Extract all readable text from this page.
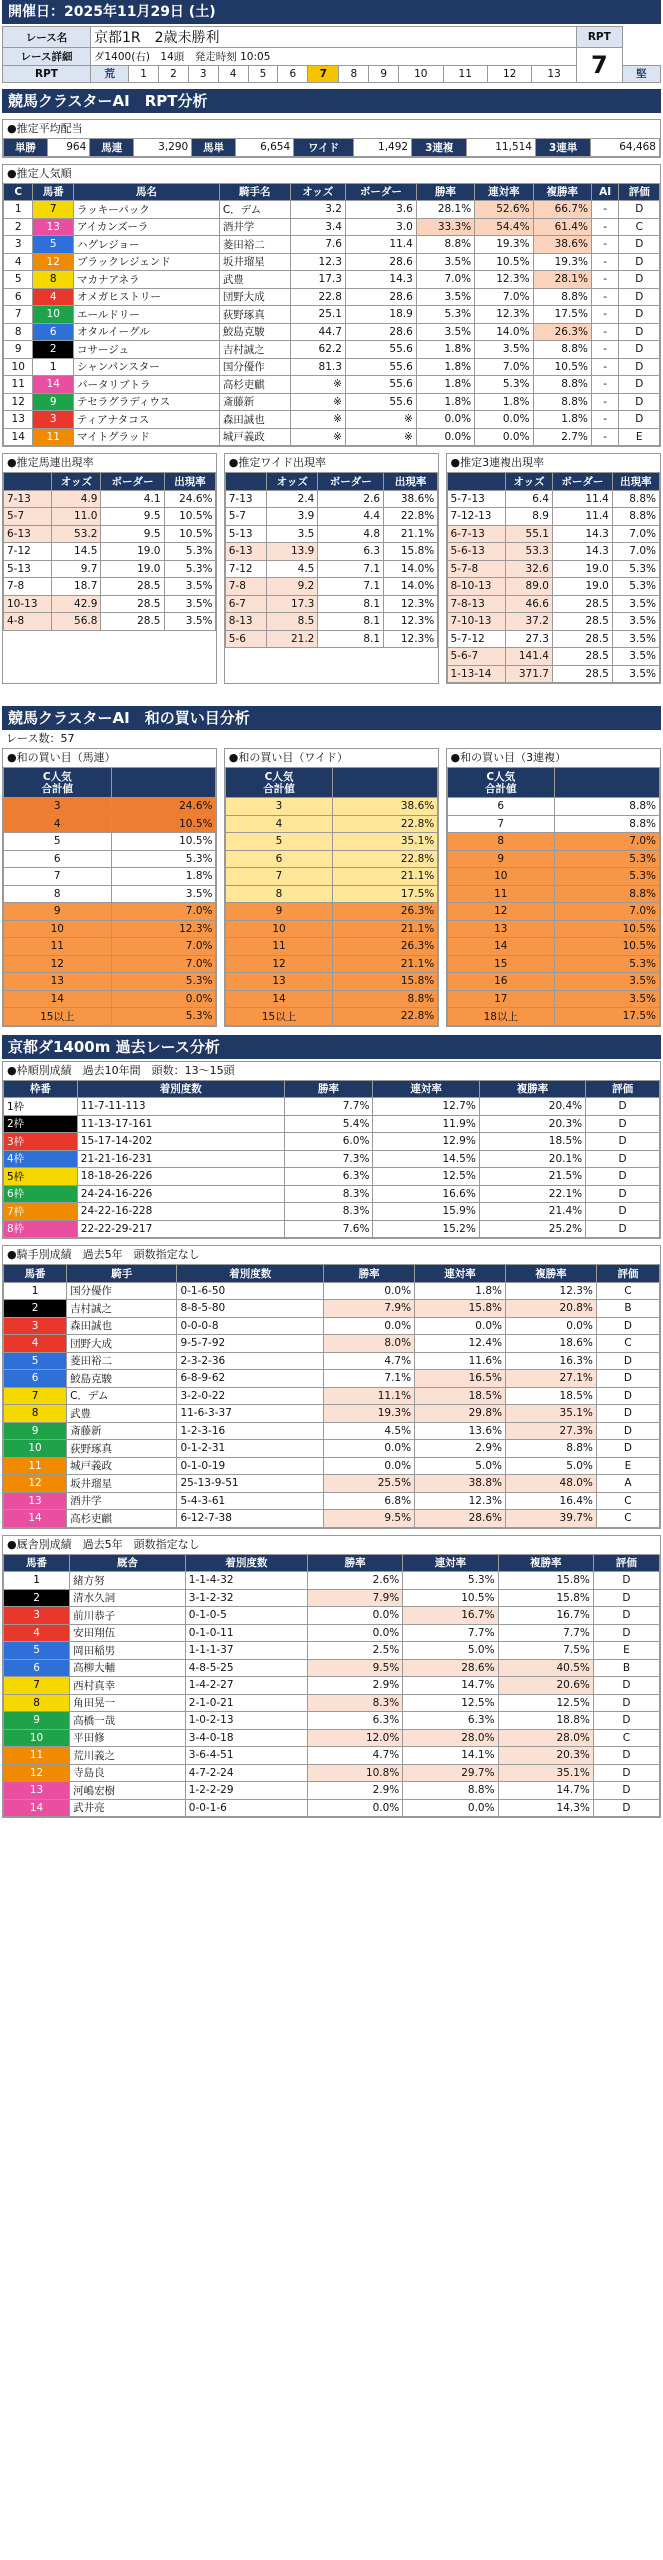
開催日：2025年11月29日 (土)
レース名	京都1R　2歳未勝利														RPT	
レース詳細	ダ1400(右)　14頭　発走時刻 10:05														7	
RPT	荒	1	2	3	4	5	6	7	8	9	10	11	12	13		堅
競馬クラスターAI　RPT分析
●推定平均配当
単勝	964	馬連	3,290	馬単	6,654	ワイド	1,492	3連複	11,514	3連単	64,468
●推定人気順
C	馬番	馬名	騎手名	オッズ	ボーダー	勝率	連対率	複勝率	AI	評価
1	7	ラッキーパック	C．デム	3.2	3.6	28.1%	52.6%	66.7%	-	D
2	13	アイカンズーラ	酒井学	3.4	3.0	33.3%	54.4%	61.4%	-	C
3	5	ハグレジョー	菱田裕二	7.6	11.4	8.8%	19.3%	38.6%	-	D
4	12	ブラックレジェンド	坂井瑠星	12.3	28.6	3.5%	10.5%	19.3%	-	D
5	8	マカナアネラ	武豊	17.3	14.3	7.0%	12.3%	28.1%	-	D
6	4	オメガヒストリー	団野大成	22.8	28.6	3.5%	7.0%	8.8%	-	D
7	10	エールドリー	荻野琢真	25.1	18.9	5.3%	12.3%	17.5%	-	D
8	6	オタルイーグル	鮫島克駿	44.7	28.6	3.5%	14.0%	26.3%	-	D
9	2	コサージュ	吉村誠之	62.2	55.6	1.8%	3.5%	8.8%	-	D
10	1	シャンパンスター	国分優作	81.3	55.6	1.8%	7.0%	10.5%	-	D
11	14	パータリブトラ	高杉吏麒	※	55.6	1.8%	5.3%	8.8%	-	D
12	9	テセラグラディウス	斎藤新	※	55.6	1.8%	1.8%	8.8%	-	D
13	3	ティアナタコス	森田誠也	※	※	0.0%	0.0%	1.8%	-	D
14	11	マイトグラッド	城戸義政	※	※	0.0%	0.0%	2.7%	-	E
●推定馬連出現率
	オッズ	ボーダー	出現率
7-13	4.9	4.1	24.6%
5-7	11.0	9.5	10.5%
6-13	53.2	9.5	10.5%
7-12	14.5	19.0	5.3%
5-13	9.7	19.0	5.3%
7-8	18.7	28.5	3.5%
10-13	42.9	28.5	3.5%
4-8	56.8	28.5	3.5%
●推定ワイド出現率
	オッズ	ボーダー	出現率
7-13	2.4	2.6	38.6%
5-7	3.9	4.4	22.8%
5-13	3.5	4.8	21.1%
6-13	13.9	6.3	15.8%
7-12	4.5	7.1	14.0%
7-8	9.2	7.1	14.0%
6-7	17.3	8.1	12.3%
8-13	8.5	8.1	12.3%
5-6	21.2	8.1	12.3%
●推定3連複出現率
	オッズ	ボーダー	出現率
5-7-13	6.4	11.4	8.8%
7-12-13	8.9	11.4	8.8%
6-7-13	55.1	14.3	7.0%
5-6-13	53.3	14.3	7.0%
5-7-8	32.6	19.0	5.3%
8-10-13	89.0	19.0	5.3%
7-8-13	46.6	28.5	3.5%
7-10-13	37.2	28.5	3.5%
5-7-12	27.3	28.5	3.5%
5-6-7	141.4	28.5	3.5%
1-13-14	371.7	28.5	3.5%
競馬クラスターAI　和の買い目分析
レース数：57
●和の買い目（馬連）
C人気
合計値	
3	24.6%
4	10.5%
5	10.5%
6	5.3%
7	1.8%
8	3.5%
9	7.0%
10	12.3%
11	7.0%
12	7.0%
13	5.3%
14	0.0%
15以上	5.3%
●和の買い目（ワイド）
C人気
合計値	
3	38.6%
4	22.8%
5	35.1%
6	22.8%
7	21.1%
8	17.5%
9	26.3%
10	21.1%
11	26.3%
12	21.1%
13	15.8%
14	8.8%
15以上	22.8%
●和の買い目（3連複）
C人気
合計値	
6	8.8%
7	8.8%
8	7.0%
9	5.3%
10	5.3%
11	8.8%
12	7.0%
13	10.5%
14	10.5%
15	5.3%
16	3.5%
17	3.5%
18以上	17.5%
京都ダ1400m 過去レース分析
●枠順別成績　過去10年間　頭数：13～15頭
枠番	着別度数	勝率	連対率	複勝率	評価
1枠	11-7-11-113	7.7%	12.7%	20.4%	D
2枠	11-13-17-161	5.4%	11.9%	20.3%	D
3枠	15-17-14-202	6.0%	12.9%	18.5%	D
4枠	21-21-16-231	7.3%	14.5%	20.1%	D
5枠	18-18-26-226	6.3%	12.5%	21.5%	D
6枠	24-24-16-226	8.3%	16.6%	22.1%	D
7枠	24-22-16-228	8.3%	15.9%	21.4%	D
8枠	22-22-29-217	7.6%	15.2%	25.2%	D
●騎手別成績　過去5年　頭数指定なし
馬番	騎手	着別度数	勝率	連対率	複勝率	評価
1	国分優作	0-1-6-50	0.0%	1.8%	12.3%	C
2	吉村誠之	8-8-5-80	7.9%	15.8%	20.8%	B
3	森田誠也	0-0-0-8	0.0%	0.0%	0.0%	D
4	団野大成	9-5-7-92	8.0%	12.4%	18.6%	C
5	菱田裕二	2-3-2-36	4.7%	11.6%	16.3%	D
6	鮫島克駿	6-8-9-62	7.1%	16.5%	27.1%	D
7	C．デム	3-2-0-22	11.1%	18.5%	18.5%	D
8	武豊	11-6-3-37	19.3%	29.8%	35.1%	D
9	斎藤新	1-2-3-16	4.5%	13.6%	27.3%	D
10	荻野琢真	0-1-2-31	0.0%	2.9%	8.8%	D
11	城戸義政	0-1-0-19	0.0%	5.0%	5.0%	E
12	坂井瑠星	25-13-9-51	25.5%	38.8%	48.0%	A
13	酒井学	5-4-3-61	6.8%	12.3%	16.4%	C
14	高杉吏麒	6-12-7-38	9.5%	28.6%	39.7%	C
●厩舎別成績　過去5年　頭数指定なし
馬番	厩舎	着別度数	勝率	連対率	複勝率	評価
1	緒方努	1-1-4-32	2.6%	5.3%	15.8%	D
2	清水久詞	3-1-2-32	7.9%	10.5%	15.8%	D
3	前川恭子	0-1-0-5	0.0%	16.7%	16.7%	D
4	安田翔伍	0-1-0-11	0.0%	7.7%	7.7%	D
5	岡田稲男	1-1-1-37	2.5%	5.0%	7.5%	E
6	高柳大輔	4-8-5-25	9.5%	28.6%	40.5%	B
7	西村真幸	1-4-2-27	2.9%	14.7%	20.6%	D
8	角田晃一	2-1-0-21	8.3%	12.5%	12.5%	D
9	高橋一哉	1-0-2-13	6.3%	6.3%	18.8%	D
10	平田修	3-4-0-18	12.0%	28.0%	28.0%	C
11	荒川義之	3-6-4-51	4.7%	14.1%	20.3%	D
12	寺島良	4-7-2-24	10.8%	29.7%	35.1%	D
13	河嶋宏樹	1-2-2-29	2.9%	8.8%	14.7%	D
14	武井亮	0-0-1-6	0.0%	0.0%	14.3%	D
